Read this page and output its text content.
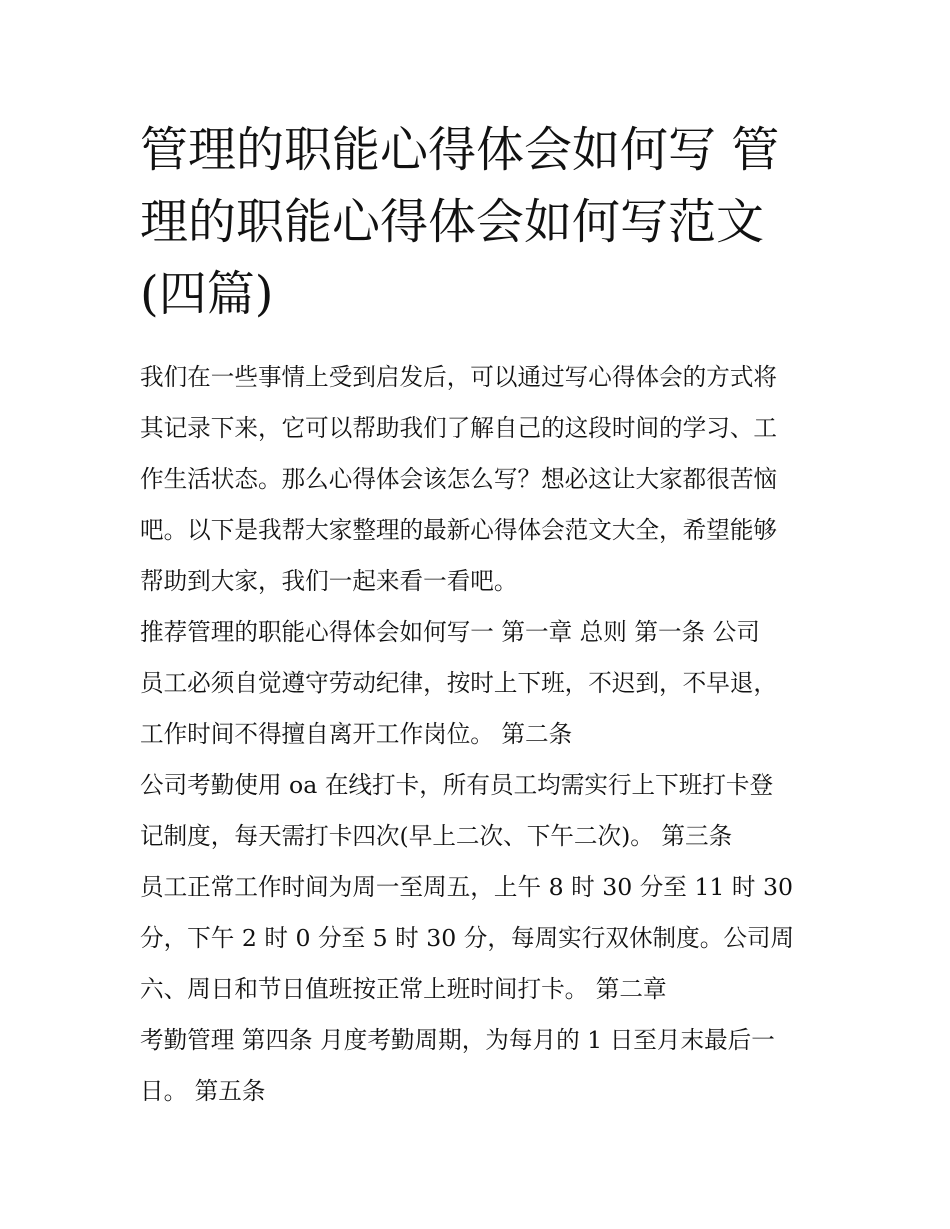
管理的职能心得体会如何写 管
理的职能心得体会如何写范文
(四篇)
我们在一些事情上受到启发后，可以通过写心得体会的方式将
其记录下来，它可以帮助我们了解自己的这段时间的学习、工
作生活状态。那么心得体会该怎么写？想必这让大家都很苦恼
吧。以下是我帮大家整理的最新心得体会范文大全，希望能够
帮助到大家，我们一起来看一看吧。
推荐管理的职能心得体会如何写一 第一章 总则 第一条 公司
员工必须自觉遵守劳动纪律，按时上下班，不迟到，不早退，
工作时间不得擅自离开工作岗位。 第二条
公司考勤使用 oa 在线打卡，所有员工均需实行上下班打卡登
记制度，每天需打卡四次(早上二次、下午二次)。 第三条
员工正常工作时间为周一至周五，上午 8 时 30 分至 11 时 30
分，下午 2 时 0 分至 5 时 30 分，每周实行双休制度。公司周
六、周日和节日值班按正常上班时间打卡。 第二章
考勤管理 第四条 月度考勤周期，为每月的 1 日至月末最后一
日。 第五条
